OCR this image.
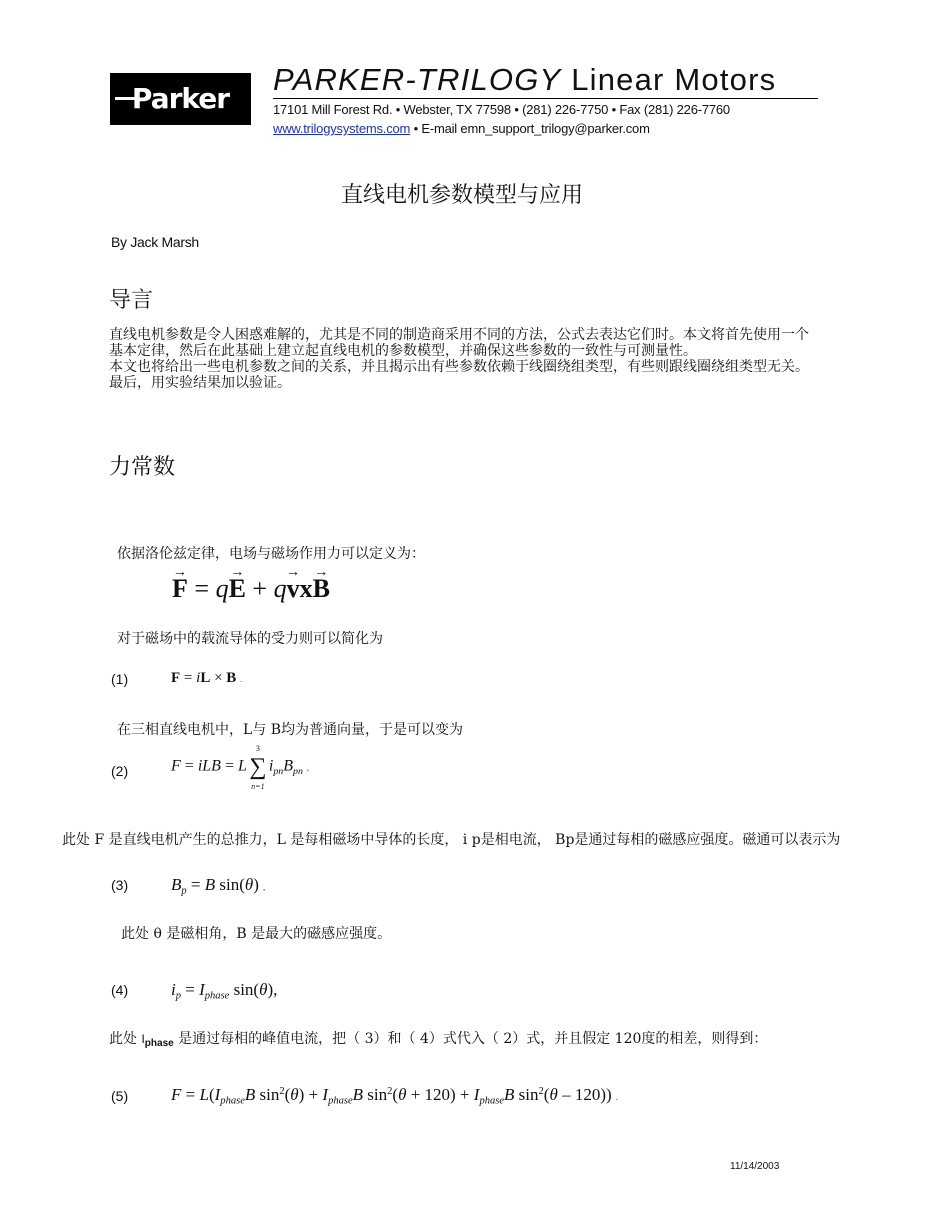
Parker
PARKER-TRILOGY Linear Motors
17101 Mill Forest Rd. • Webster, TX 77598 • (281) 226-7750 • Fax (281) 226-7760
www.trilogysystems.com • E-mail emn_support_trilogy@parker.com
直线电机参数模型与应用
By Jack Marsh
导言
直线电机参数是令人困惑难解的，尤其是不同的制造商采用不同的方法，公式去表达它们时。本文将首先使用一个
基本定律，然后在此基础上建立起直线电机的参数模型，并确保这些参数的一致性与可测量性。
本文也将给出一些电机参数之间的关系，并且揭示出有些参数依赖于线圈绕组类型，有些则跟线圈绕组类型无关。
最后，用实验结果加以验证。
力常数
依据洛伦兹定律，电场与磁场作用力可以定义为：
→ F = q→ E + q→ vx→ B
对于磁场中的载流导体的受力则可以简化为
(1)	F = iL × B .
在三相直线电机中，L与 B均为普通向量，于是可以变为
(2)	F = iLB = L
3
∑
n=1
$i_{pn}B_{pn}$ ,
此处 F 是直线电机产生的总推力，L 是每相磁场中导体的长度， i p是相电流， Bp是通过每相的磁感应强度。磁通可以表示为
(3)	$B_p = B$ sin(θ) ,
此处 θ 是磁相角，B 是最大的磁感应强度。
(4)	$i_p = I_{phase}$ sin(θ),
此处 $I_{phase}$ 是通过每相的峰值电流，把（ 3）和（ 4）式代入（ 2）式，并且假定 120度的相差，则得到：
(5)	$F = L(I_{phase}B$ $\sin^2(\theta) + I_{phase}B$ $\sin^2(\theta + 120) + I_{phase}B$ $\sin^2(\theta - 120)$) .
11/14/2003
